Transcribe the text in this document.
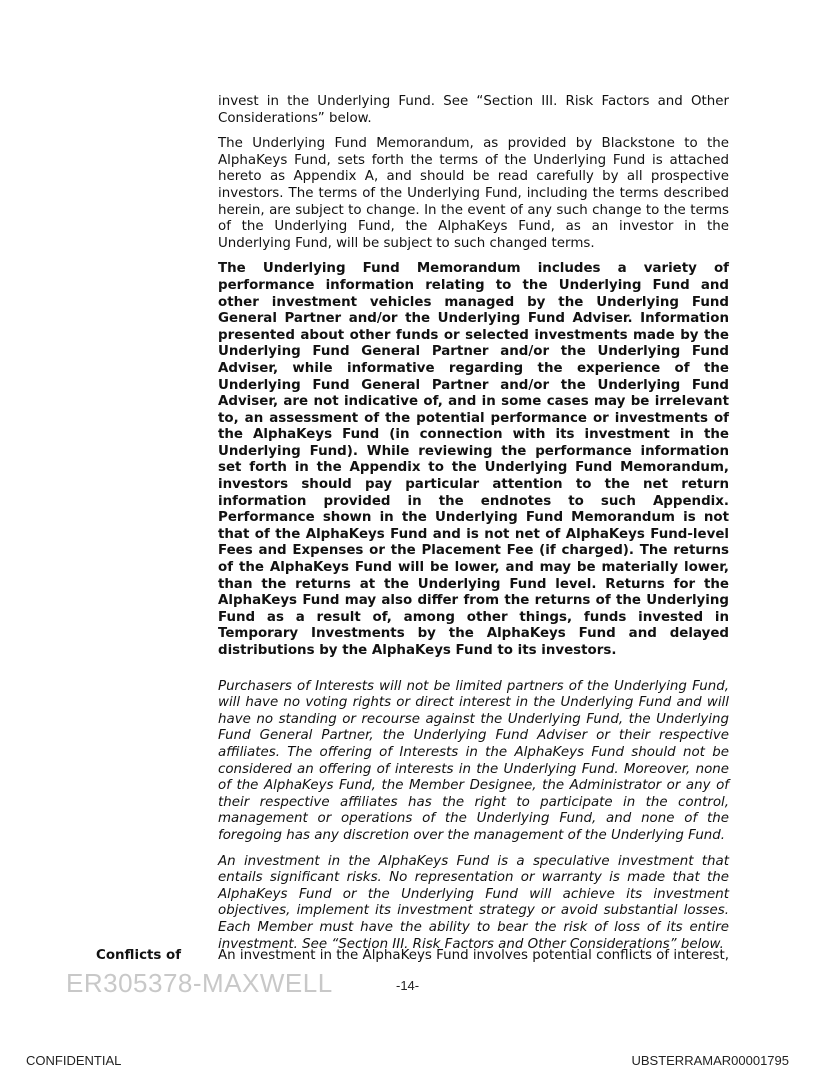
invest in the Underlying Fund. See “Section III. Risk Factors and Other Considerations” below.

The Underlying Fund Memorandum, as provided by Blackstone to the AlphaKeys Fund, sets forth the terms of the Underlying Fund is attached hereto as Appendix A, and should be read carefully by all prospective investors. The terms of the Underlying Fund, including the terms described herein, are subject to change. In the event of any such change to the terms of the Underlying Fund, the AlphaKeys Fund, as an investor in the Underlying Fund, will be subject to such changed terms.

The Underlying Fund Memorandum includes a variety of performance information relating to the Underlying Fund and other investment vehicles managed by the Underlying Fund General Partner and/or the Underlying Fund Adviser. Information presented about other funds or selected investments made by the Underlying Fund General Partner and/or the Underlying Fund Adviser, while informative regarding the experience of the Underlying Fund General Partner and/or the Underlying Fund Adviser, are not indicative of, and in some cases may be irrelevant to, an assessment of the potential performance or investments of the AlphaKeys Fund (in connection with its investment in the Underlying Fund). While reviewing the performance information set forth in the Appendix to the Underlying Fund Memorandum, investors should pay particular attention to the net return information provided in the endnotes to such Appendix. Performance shown in the Underlying Fund Memorandum is not that of the AlphaKeys Fund and is not net of AlphaKeys Fund-level Fees and Expenses or the Placement Fee (if charged). The returns of the AlphaKeys Fund will be lower, and may be materially lower, than the returns at the Underlying Fund level. Returns for the AlphaKeys Fund may also differ from the returns of the Underlying Fund as a result of, among other things, funds invested in Temporary Investments by the AlphaKeys Fund and delayed distributions by the AlphaKeys Fund to its investors.

Purchasers of Interests will not be limited partners of the Underlying Fund, will have no voting rights or direct interest in the Underlying Fund and will have no standing or recourse against the Underlying Fund, the Underlying Fund General Partner, the Underlying Fund Adviser or their respective affiliates. The offering of Interests in the AlphaKeys Fund should not be considered an offering of interests in the Underlying Fund. Moreover, none of the AlphaKeys Fund, the Member Designee, the Administrator or any of their respective affiliates has the right to participate in the control, management or operations of the Underlying Fund, and none of the foregoing has any discretion over the management of the Underlying Fund.

An investment in the AlphaKeys Fund is a speculative investment that entails significant risks. No representation or warranty is made that the AlphaKeys Fund or the Underlying Fund will achieve its investment objectives, implement its investment strategy or avoid substantial losses. Each Member must have the ability to bear the risk of loss of its entire investment. See “Section III. Risk Factors and Other Considerations” below.

Conflicts of	An investment in the AlphaKeys Fund involves potential conflicts of interest,
ER305378-MAXWELL	-14-
CONFIDENTIAL	UBSTERRAMAR00001795
